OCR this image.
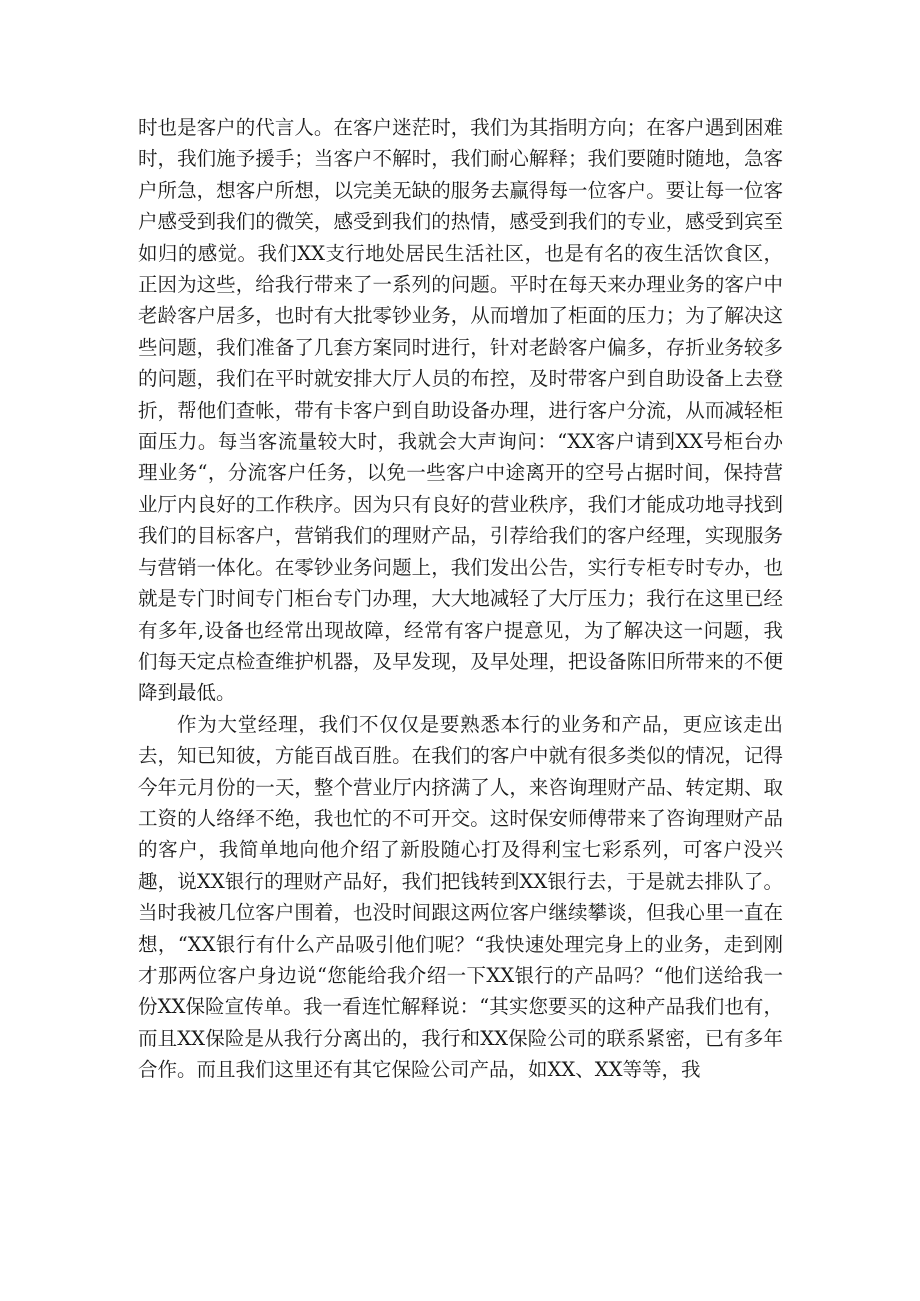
时也是客户的代言人。在客户迷茫时，我们为其指明方向；在客户遇到困难时，我们施予援手；当客户不解时，我们耐心解释；我们要随时随地，急客户所急，想客户所想，以完美无缺的服务去赢得每一位客户。要让每一位客户感受到我们的微笑，感受到我们的热情，感受到我们的专业，感受到宾至如归的感觉。我们XX支行地处居民生活社区，也是有名的夜生活饮食区，正因为这些，给我行带来了一系列的问题。平时在每天来办理业务的客户中老龄客户居多，也时有大批零钞业务，从而增加了柜面的压力；为了解决这些问题，我们准备了几套方案同时进行，针对老龄客户偏多，存折业务较多的问题，我们在平时就安排大厅人员的布控，及时带客户到自助设备上去登折，帮他们查帐，带有卡客户到自助设备办理，进行客户分流，从而减轻柜面压力。每当客流量较大时，我就会大声询问：“XX客户请到XX号柜台办理业务“，分流客户任务，以免一些客户中途离开的空号占据时间，保持营业厅内良好的工作秩序。因为只有良好的营业秩序，我们才能成功地寻找到我们的目标客户，营销我们的理财产品，引荐给我们的客户经理，实现服务与营销一体化。在零钞业务问题上，我们发出公告，实行专柜专时专办，也就是专门时间专门柜台专门办理，大大地减轻了大厅压力；我行在这里已经有多年,设备也经常出现故障，经常有客户提意见，为了解决这一问题，我们每天定点检查维护机器，及早发现，及早处理，把设备陈旧所带来的不便降到最低。

作为大堂经理，我们不仅仅是要熟悉本行的业务和产品，更应该走出去，知已知彼，方能百战百胜。在我们的客户中就有很多类似的情况，记得今年元月份的一天，整个营业厅内挤满了人，来咨询理财产品、转定期、取工资的人络绎不绝，我也忙的不可开交。这时保安师傅带来了咨询理财产品的客户，我简单地向他介绍了新股随心打及得利宝七彩系列，可客户没兴趣，说XX银行的理财产品好，我们把钱转到XX银行去，于是就去排队了。当时我被几位客户围着，也没时间跟这两位客户继续攀谈，但我心里一直在想，“XX银行有什么产品吸引他们呢？“我快速处理完身上的业务，走到刚才那两位客户身边说“您能给我介绍一下XX银行的产品吗？“他们送给我一份XX保险宣传单。我一看连忙解释说：“其实您要买的这种产品我们也有，而且XX保险是从我行分离出的，我行和XX保险公司的联系紧密，已有多年合作。而且我们这里还有其它保险公司产品，如XX、XX等等，我
